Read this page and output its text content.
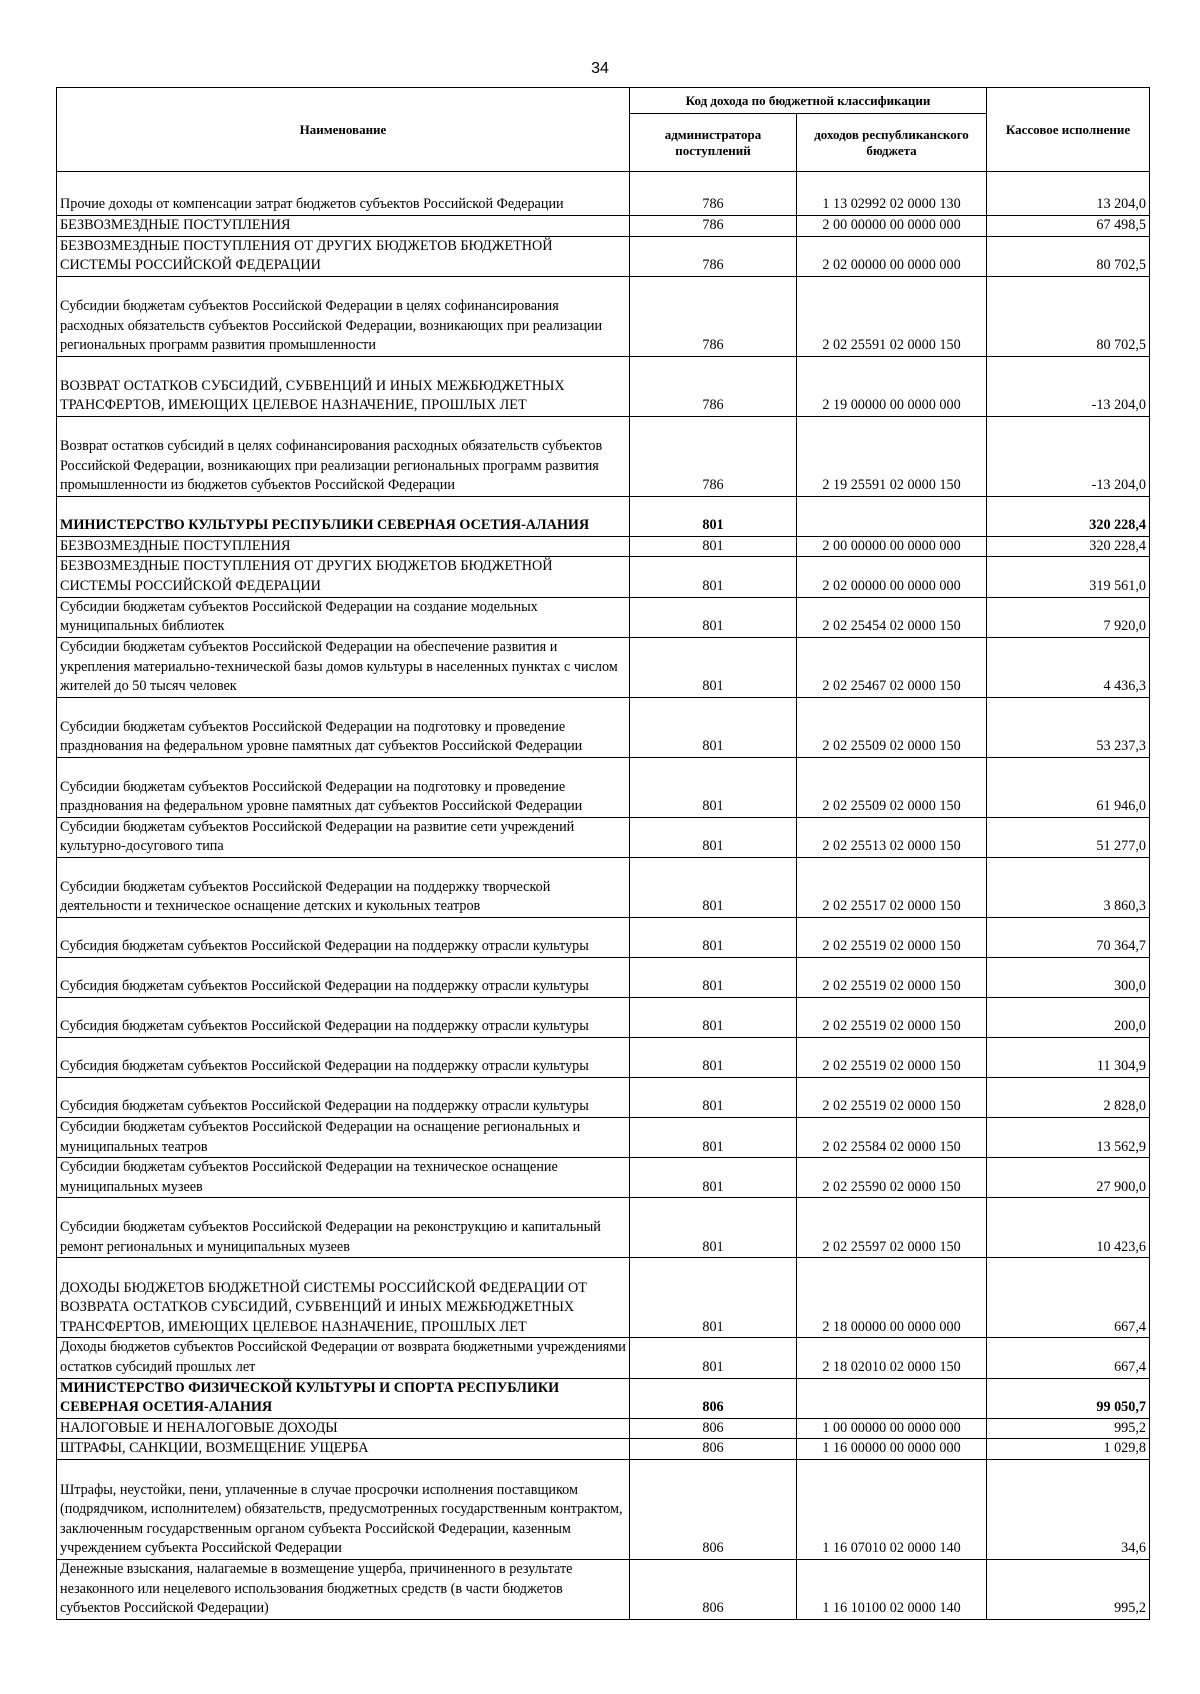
34
Наименование	Код дохода по бюджетной классификации		Кассовое исполнение
	администратора поступлений	доходов республиканского бюджета	
Прочие доходы от компенсации затрат бюджетов субъектов Российской Федерации	786	1 13 02992 02 0000 130	13 204,0
БЕЗВОЗМЕЗДНЫЕ ПОСТУПЛЕНИЯ	786	2 00 00000 00 0000 000	67 498,5
БЕЗВОЗМЕЗДНЫЕ ПОСТУПЛЕНИЯ ОТ ДРУГИХ БЮДЖЕТОВ БЮДЖЕТНОЙ СИСТЕМЫ РОССИЙСКОЙ ФЕДЕРАЦИИ	786	2 02 00000 00 0000 000	80 702,5
Субсидии бюджетам субъектов Российской Федерации в целях софинансирования расходных обязательств субъектов Российской Федерации, возникающих при реализации региональных программ развития промышленности	786	2 02 25591 02 0000 150	80 702,5
ВОЗВРАТ ОСТАТКОВ СУБСИДИЙ, СУБВЕНЦИЙ И ИНЫХ МЕЖБЮДЖЕТНЫХ ТРАНСФЕРТОВ, ИМЕЮЩИХ ЦЕЛЕВОЕ НАЗНАЧЕНИЕ, ПРОШЛЫХ ЛЕТ	786	2 19 00000 00 0000 000	-13 204,0
Возврат остатков субсидий в целях софинансирования расходных обязательств субъектов Российской Федерации, возникающих при реализации региональных программ развития промышленности из бюджетов субъектов Российской Федерации	786	2 19 25591 02 0000 150	-13 204,0
МИНИСТЕРСТВО КУЛЬТУРЫ РЕСПУБЛИКИ СЕВЕРНАЯ ОСЕТИЯ-АЛАНИЯ	801		320 228,4
БЕЗВОЗМЕЗДНЫЕ ПОСТУПЛЕНИЯ	801	2 00 00000 00 0000 000	320 228,4
БЕЗВОЗМЕЗДНЫЕ ПОСТУПЛЕНИЯ ОТ ДРУГИХ БЮДЖЕТОВ БЮДЖЕТНОЙ СИСТЕМЫ РОССИЙСКОЙ ФЕДЕРАЦИИ	801	2 02 00000 00 0000 000	319 561,0
Субсидии бюджетам субъектов Российской Федерации на создание модельных муниципальных библиотек	801	2 02 25454 02 0000 150	7 920,0
Субсидии бюджетам субъектов Российской Федерации на обеспечение развития и укрепления материально-технической базы домов культуры в населенных пунктах с числом жителей до 50 тысяч человек	801	2 02 25467 02 0000 150	4 436,3
Субсидии бюджетам субъектов Российской Федерации на подготовку и проведение празднования на федеральном уровне памятных дат субъектов Российской Федерации	801	2 02 25509 02 0000 150	53 237,3
Субсидии бюджетам субъектов Российской Федерации на подготовку и проведение празднования на федеральном уровне памятных дат субъектов Российской Федерации	801	2 02 25509 02 0000 150	61 946,0
Субсидии бюджетам субъектов Российской Федерации на развитие сети учреждений культурно-досугового типа	801	2 02 25513 02 0000 150	51 277,0
Субсидии бюджетам субъектов Российской Федерации на поддержку творческой деятельности и техническое оснащение детских и кукольных театров	801	2 02 25517 02 0000 150	3 860,3
Субсидия бюджетам субъектов Российской Федерации на поддержку отрасли культуры	801	2 02 25519 02 0000 150	70 364,7
Субсидия бюджетам субъектов Российской Федерации на поддержку отрасли культуры	801	2 02 25519 02 0000 150	300,0
Субсидия бюджетам субъектов Российской Федерации на поддержку отрасли культуры	801	2 02 25519 02 0000 150	200,0
Субсидия бюджетам субъектов Российской Федерации на поддержку отрасли культуры	801	2 02 25519 02 0000 150	11 304,9
Субсидия бюджетам субъектов Российской Федерации на поддержку отрасли культуры	801	2 02 25519 02 0000 150	2 828,0
Субсидии бюджетам субъектов Российской Федерации на оснащение региональных и муниципальных театров	801	2 02 25584 02 0000 150	13 562,9
Субсидии бюджетам субъектов Российской Федерации на техническое оснащение муниципальных музеев	801	2 02 25590 02 0000 150	27 900,0
Субсидии бюджетам субъектов Российской Федерации на реконструкцию и капитальный ремонт региональных и муниципальных музеев	801	2 02 25597 02 0000 150	10 423,6
ДОХОДЫ БЮДЖЕТОВ БЮДЖЕТНОЙ СИСТЕМЫ РОССИЙСКОЙ ФЕДЕРАЦИИ ОТ ВОЗВРАТА ОСТАТКОВ СУБСИДИЙ, СУБВЕНЦИЙ И ИНЫХ МЕЖБЮДЖЕТНЫХ ТРАНСФЕРТОВ, ИМЕЮЩИХ ЦЕЛЕВОЕ НАЗНАЧЕНИЕ, ПРОШЛЫХ ЛЕТ	801	2 18 00000 00 0000 000	667,4
Доходы бюджетов субъектов Российской Федерации от возврата бюджетными учреждениями остатков субсидий прошлых лет	801	2 18 02010 02 0000 150	667,4
МИНИСТЕРСТВО ФИЗИЧЕСКОЙ КУЛЬТУРЫ И СПОРТА РЕСПУБЛИКИ СЕВЕРНАЯ ОСЕТИЯ-АЛАНИЯ	806		99 050,7
НАЛОГОВЫЕ И НЕНАЛОГОВЫЕ ДОХОДЫ	806	1 00 00000 00 0000 000	995,2
ШТРАФЫ, САНКЦИИ, ВОЗМЕЩЕНИЕ УЩЕРБА	806	1 16 00000 00 0000 000	1 029,8
Штрафы, неустойки, пени, уплаченные в случае просрочки исполнения поставщиком (подрядчиком, исполнителем) обязательств, предусмотренных государственным контрактом, заключенным государственным органом субъекта Российской Федерации, казенным учреждением субъекта Российской Федерации	806	1 16 07010 02 0000 140	34,6
Денежные взыскания, налагаемые в возмещение ущерба, причиненного в результате незаконного или нецелевого использования бюджетных средств (в части бюджетов субъектов Российской Федерации)	806	1 16 10100 02 0000 140	995,2
